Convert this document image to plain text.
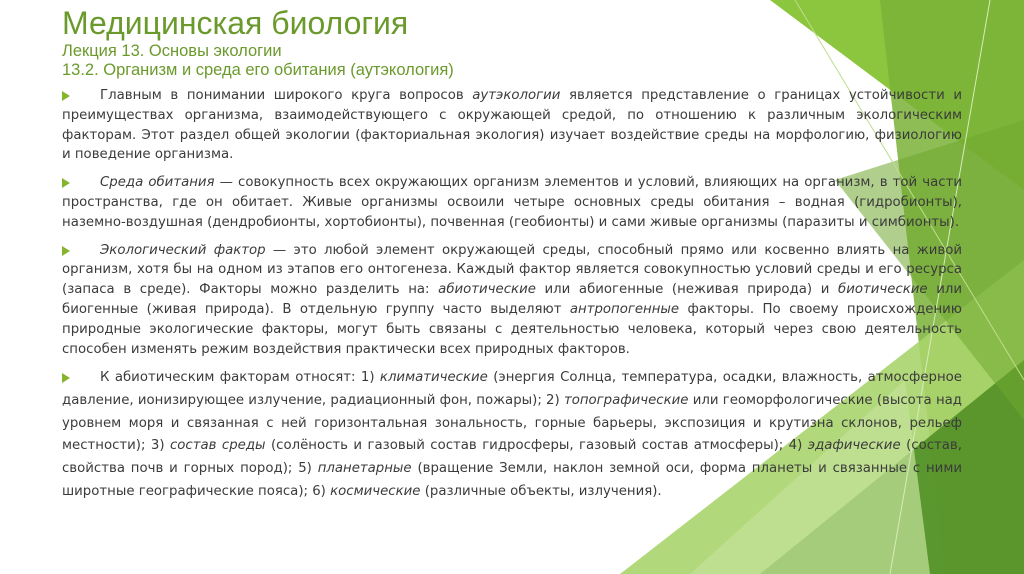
Медицинская биология
Лекция 13. Основы экологии
13.2. Организм и среда его обитания (аутэкология)

Главным в понимании широкого круга вопросов аутэкологии является представление о границах устойчивости и преимуществах организма, взаимодействующего с окружающей средой, по отношению к различным экологическим факторам. Этот раздел общей экологии (факториальная экология) изучает воздействие среды на морфологию, физиологию и поведение организма.

Среда обитания — совокупность всех окружающих организм элементов и условий, влияющих на организм, в той части пространства, где он обитает. Живые организмы освоили четыре основных среды обитания – водная (гидробионты), наземно-воздушная (дендробионты, хортобионты), почвенная (геобионты) и сами живые организмы (паразиты и симбионты).

Экологический фактор — это любой элемент окружающей среды, способный прямо или косвенно влиять на живой организм, хотя бы на одном из этапов его онтогенеза. Каждый фактор является совокупностью условий среды и его ресурса (запаса в среде). Факторы можно разделить на: абиотические или абиогенные (неживая природа) и биотические или биогенные (живая природа). В отдельную группу часто выделяют антропогенные факторы. По своему происхождению природные экологические факторы, могут быть связаны с деятельностью человека, который через свою деятельность способен изменять режим воздействия практически всех природных факторов.

К абиотическим факторам относят: 1) климатические (энергия Солнца, температура, осадки, влажность, атмосферное давление, ионизирующее излучение, радиационный фон, пожары); 2) топографические или геоморфологические (высота над уровнем моря и связанная с ней горизонтальная зональность, горные барьеры, экспозиция и крутизна склонов, рельеф местности); 3) состав среды (солёность и газовый состав гидросферы, газовый состав атмосферы); 4) эдафические (состав, свойства почв и горных пород); 5) планетарные (вращение Земли, наклон земной оси, форма планеты и связанные с ними широтные географические пояса); 6) космические (различные объекты, излучения).
